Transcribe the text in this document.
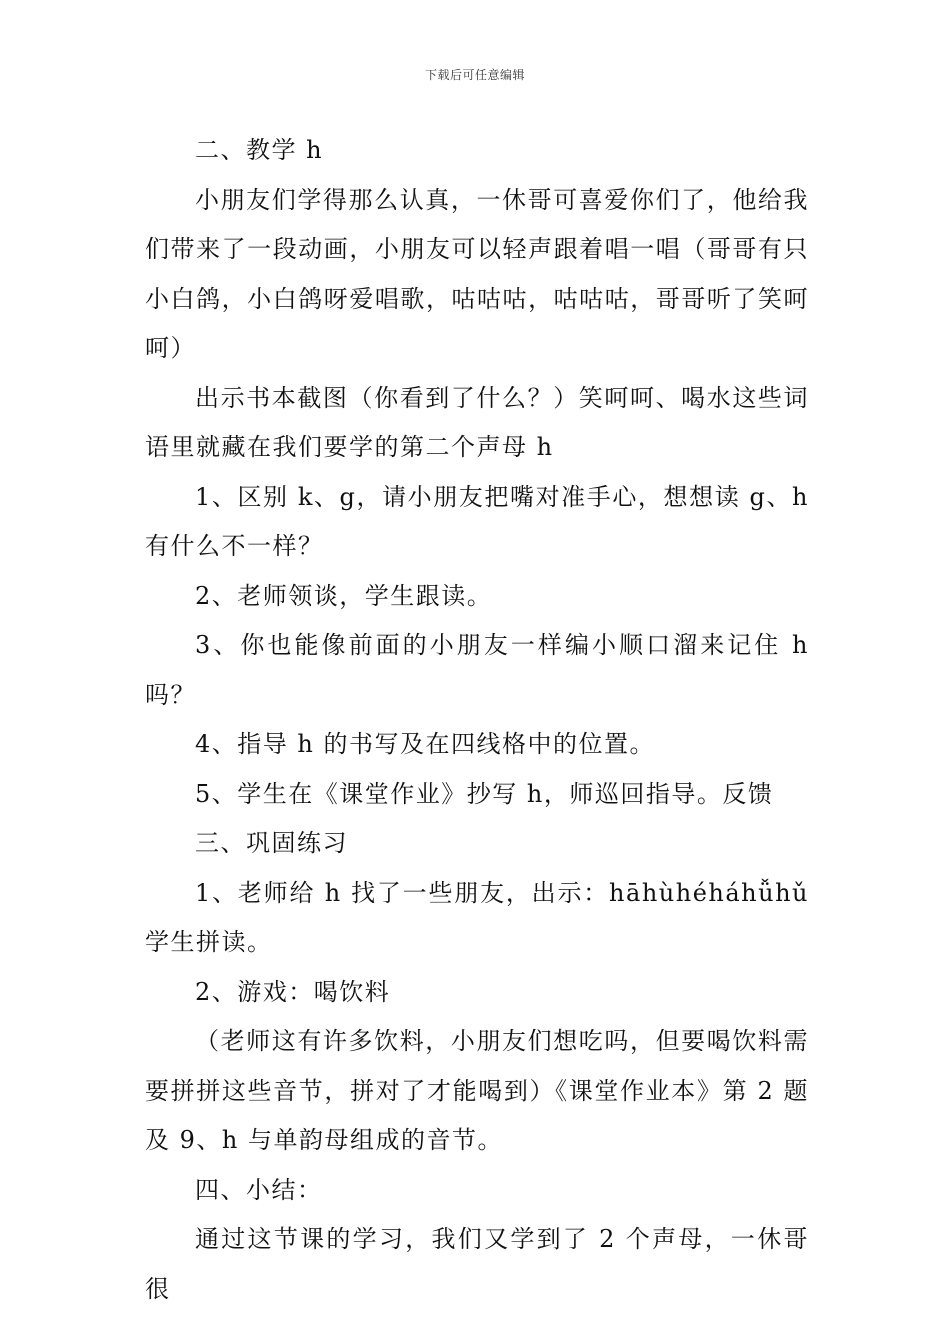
下载后可任意编辑

二、教学 h

小朋友们学得那么认真，一休哥可喜爱你们了，他给我们带来了一段动画，小朋友可以轻声跟着唱一唱（哥哥有只小白鸽，小白鸽呀爱唱歌，咕咕咕，咕咕咕，哥哥听了笑呵呵）

出示书本截图（你看到了什么？）笑呵呵、喝水这些词语里就藏在我们要学的第二个声母 h

1、区别 k、g，请小朋友把嘴对准手心，想想读 g、h 有什么不一样？

2、老师领谈，学生跟读。

3、你也能像前面的小朋友一样编小顺口溜来记住 h 吗？

4、指导 h 的书写及在四线格中的位置。

5、学生在《课堂作业》抄写 h，师巡回指导。反馈

三、巩固练习

1、老师给 h 找了一些朋友，出示：hāhùhéháhǚhǔ 学生拼读。

2、游戏：喝饮料

（老师这有许多饮料，小朋友们想吃吗，但要喝饮料需要拼拼这些音节，拼对了才能喝到）《课堂作业本》第 2 题及 9、h 与单韵母组成的音节。

四、小结：

通过这节课的学习，我们又学到了 2 个声母，一休哥很
